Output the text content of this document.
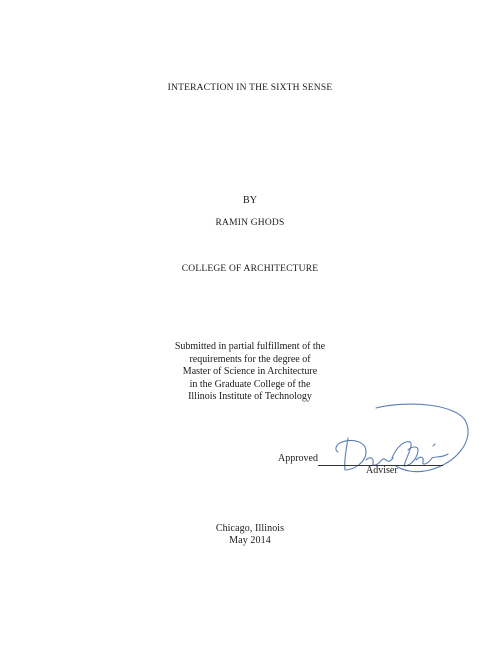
INTERACTION IN THE SIXTH SENSE
BY
RAMIN GHODS
COLLEGE OF ARCHITECTURE
Submitted in partial fulfillment of the
requirements for the degree of
Master of Science in Architecture
in the Graduate College of the
Illinois Institute of Technology
Approved
Adviser
Chicago, Illinois
May 2014
